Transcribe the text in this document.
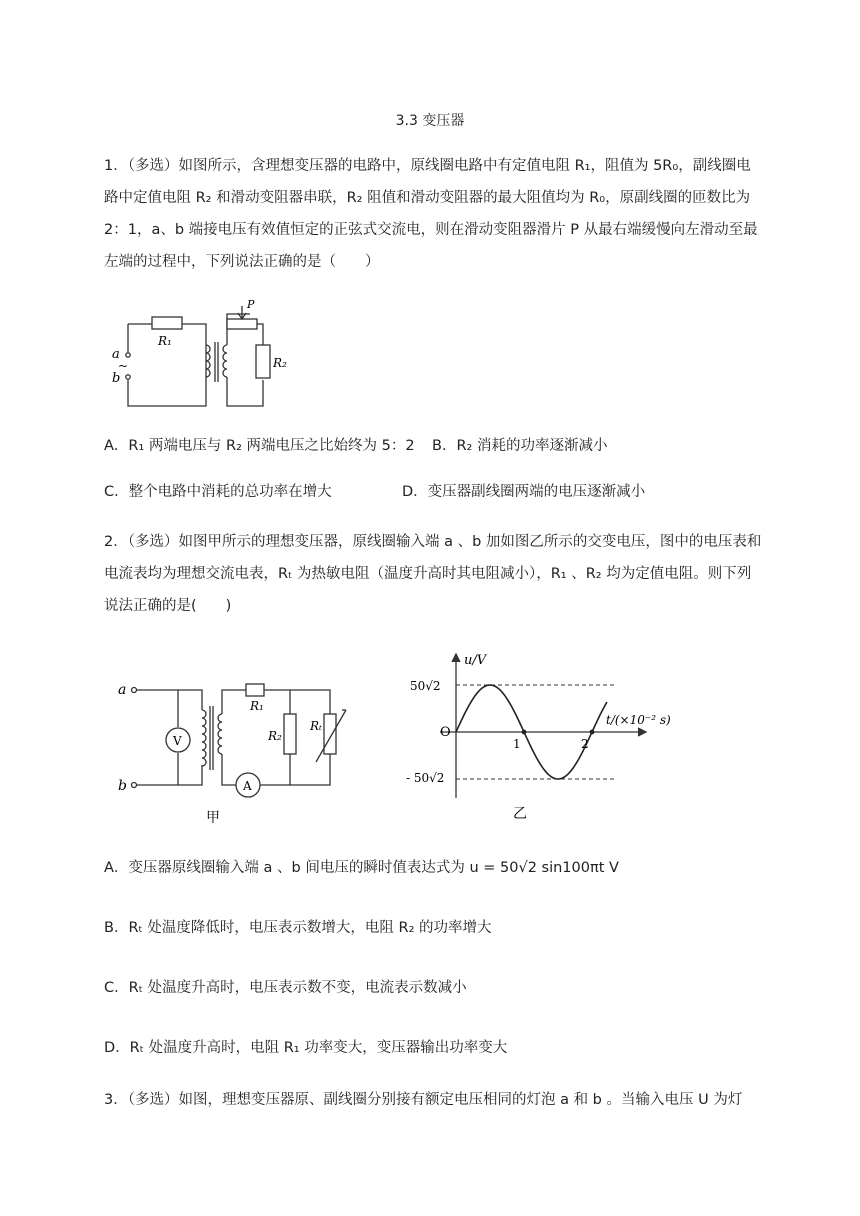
3.3 变压器
1．（多选）如图所示，含理想变压器的电路中，原线圈电路中有定值电阻 R₁，阻值为 5R₀，副线圈电路中定值电阻 R₂ 和滑动变阻器串联，R₂ 阻值和滑动变阻器的最大阻值均为 R₀，原副线圈的匝数比为 2：1，a、b 端接电压有效值恒定的正弦式交流电，则在滑动变阻器滑片 P 从最右端缓慢向左滑动至最左端的过程中，下列说法正确的是（　　）
R₁
R₂
P
a
~
b
A．R₁ 两端电压与 R₂ 两端电压之比始终为 5：2 B．R₂ 消耗的功率逐渐减小
C．整个电路中消耗的总功率在增大	D．变压器副线圈两端的电压逐渐减小
2．（多选）如图甲所示的理想变压器，原线圈输入端 a 、b 加如图乙所示的交变电压，图中的电压表和电流表均为理想交流电表，Rₜ 为热敏电阻（温度升高时其电阻减小），R₁ 、R₂ 均为定值电阻。则下列说法正确的是(　　)
a
b
V
A
R₁
R₂
Rₜ
甲
u/V
t/(×10⁻² s)
50√2
O
- 50√2
1	2
乙
A．变压器原线圈输入端 a 、b 间电压的瞬时值表达式为 u = 50√2 sin100πt V
B．Rₜ 处温度降低时，电压表示数增大，电阻 R₂ 的功率增大
C．Rₜ 处温度升高时，电压表示数不变，电流表示数减小
D．Rₜ 处温度升高时，电阻 R₁ 功率变大，变压器输出功率变大
3．（多选）如图，理想变压器原、副线圈分别接有额定电压相同的灯泡 a 和 b 。当输入电压 U 为灯
